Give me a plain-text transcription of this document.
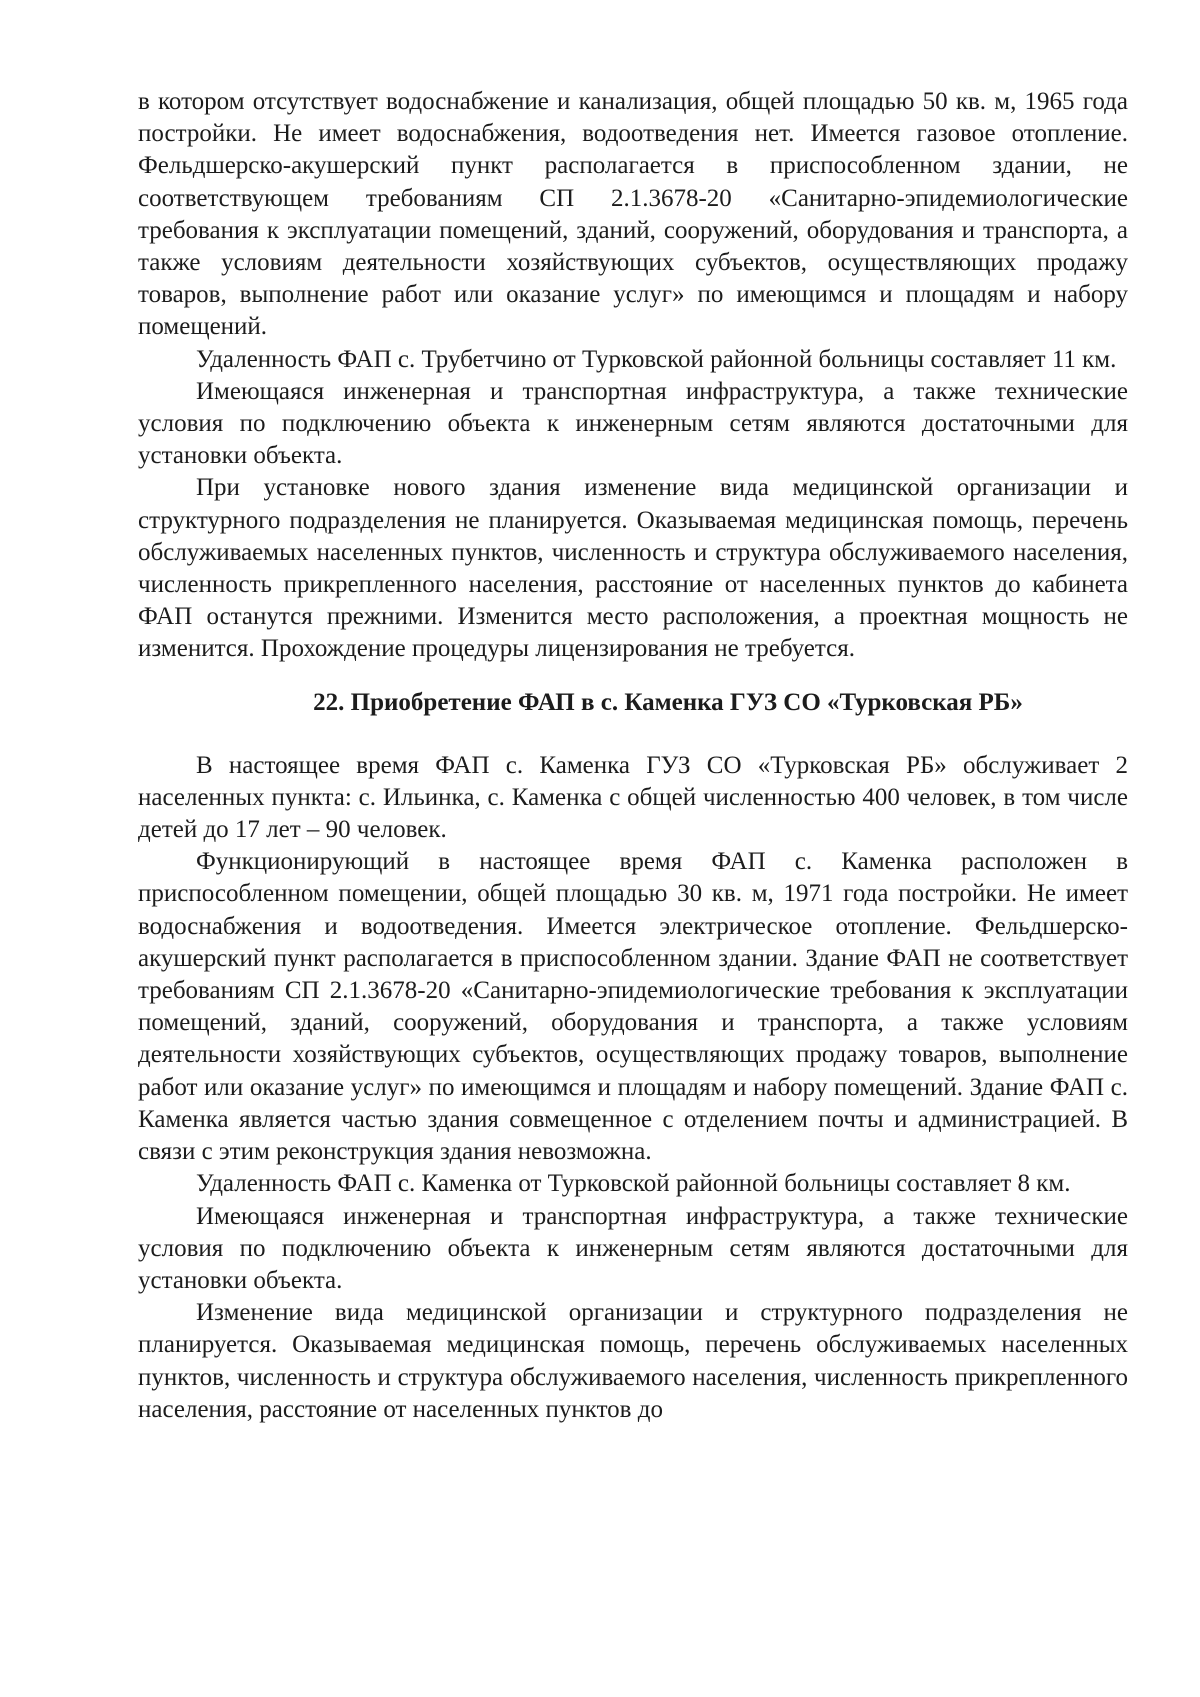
в котором отсутствует водоснабжение и канализация, общей площадью 50 кв. м, 1965 года постройки. Не имеет водоснабжения, водоотведения нет. Имеется газовое отопление. Фельдшерско-акушерский пункт располагается в приспособленном здании, не соответствующем требованиям СП 2.1.3678-20 «Санитарно-эпидемиологические требования к эксплуатации помещений, зданий, сооружений, оборудования и транспорта, а также условиям деятельности хозяйствующих субъектов, осуществляющих продажу товаров, выполнение работ или оказание услуг» по имеющимся и площадям и набору помещений.

Удаленность ФАП с. Трубетчино от Турковской районной больницы составляет 11 км.

Имеющаяся инженерная и транспортная инфраструктура, а также технические условия по подключению объекта к инженерным сетям являются достаточными для установки объекта.

При установке нового здания изменение вида медицинской организации и структурного подразделения не планируется. Оказываемая медицинская помощь, перечень обслуживаемых населенных пунктов, численность и структура обслуживаемого населения, численность прикрепленного населения, расстояние от населенных пунктов до кабинета ФАП останутся прежними. Изменится место расположения, а проектная мощность не изменится. Прохождение процедуры лицензирования не требуется.

22. Приобретение ФАП в с. Каменка ГУЗ СО «Турковская РБ»

В настоящее время ФАП с. Каменка ГУЗ СО «Турковская РБ» обслуживает 2 населенных пункта: с. Ильинка, с. Каменка с общей численностью 400 человек, в том числе детей до 17 лет – 90 человек.

Функционирующий в настоящее время ФАП с. Каменка расположен в приспособленном помещении, общей площадью 30 кв. м, 1971 года постройки. Не имеет водоснабжения и водоотведения. Имеется электрическое отопление. Фельдшерско-акушерский пункт располагается в приспособленном здании. Здание ФАП не соответствует требованиям СП 2.1.3678-20 «Санитарно-эпидемиологические требования к эксплуатации помещений, зданий, сооружений, оборудования и транспорта, а также условиям деятельности хозяйствующих субъектов, осуществляющих продажу товаров, выполнение работ или оказание услуг» по имеющимся и площадям и набору помещений. Здание ФАП с. Каменка является частью здания совмещенное с отделением почты и администрацией. В связи с этим реконструкция здания невозможна.

Удаленность ФАП с. Каменка от Турковской районной больницы составляет 8 км.

Имеющаяся инженерная и транспортная инфраструктура, а также технические условия по подключению объекта к инженерным сетям являются достаточными для установки объекта.

Изменение вида медицинской организации и структурного подразделения не планируется. Оказываемая медицинская помощь, перечень обслуживаемых населенных пунктов, численность и структура обслуживаемого населения, численность прикрепленного населения, расстояние от населенных пунктов до
